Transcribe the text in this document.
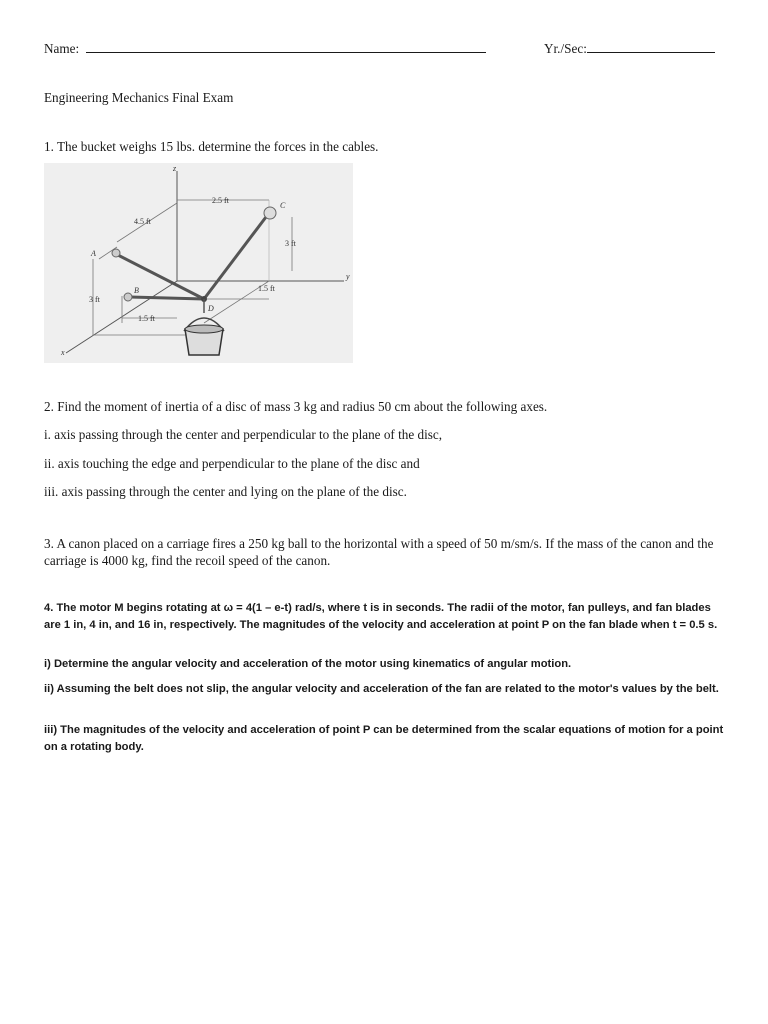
Name:	Yr./Sec:
Engineering Mechanics Final Exam
1. The bucket weighs 15 lbs. determine the forces in the cables.
z
y
x
A
B
C
D
2.5 ft
4.5 ft
3 ft
3 ft
1.5 ft
1.5 ft
2. Find the moment of inertia of a disc of mass 3 kg and radius 50 cm about the following axes.
i. axis passing through the center and perpendicular to the plane of the disc,
ii. axis touching the edge and perpendicular to the plane of the disc and
iii. axis passing through the center and lying on the plane of the disc.
3. A canon placed on a carriage fires a 250 kg ball to the horizontal with a speed of 50 m/sm/s. If the mass of the canon and the carriage is 4000 kg, find the recoil speed of the canon.
4. The motor M begins rotating at ω = 4(1 – e-t) rad/s, where t is in seconds. The radii of the motor, fan pulleys, and fan blades are 1 in, 4 in, and 16 in, respectively. The magnitudes of the velocity and acceleration at point P on the fan blade when t = 0.5 s.
i) Determine the angular velocity and acceleration of the motor using kinematics of angular motion.
ii) Assuming the belt does not slip, the angular velocity and acceleration of the fan are related to the motor's values by the belt.
iii) The magnitudes of the velocity and acceleration of point P can be determined from the scalar equations of motion for a point on a rotating body.
